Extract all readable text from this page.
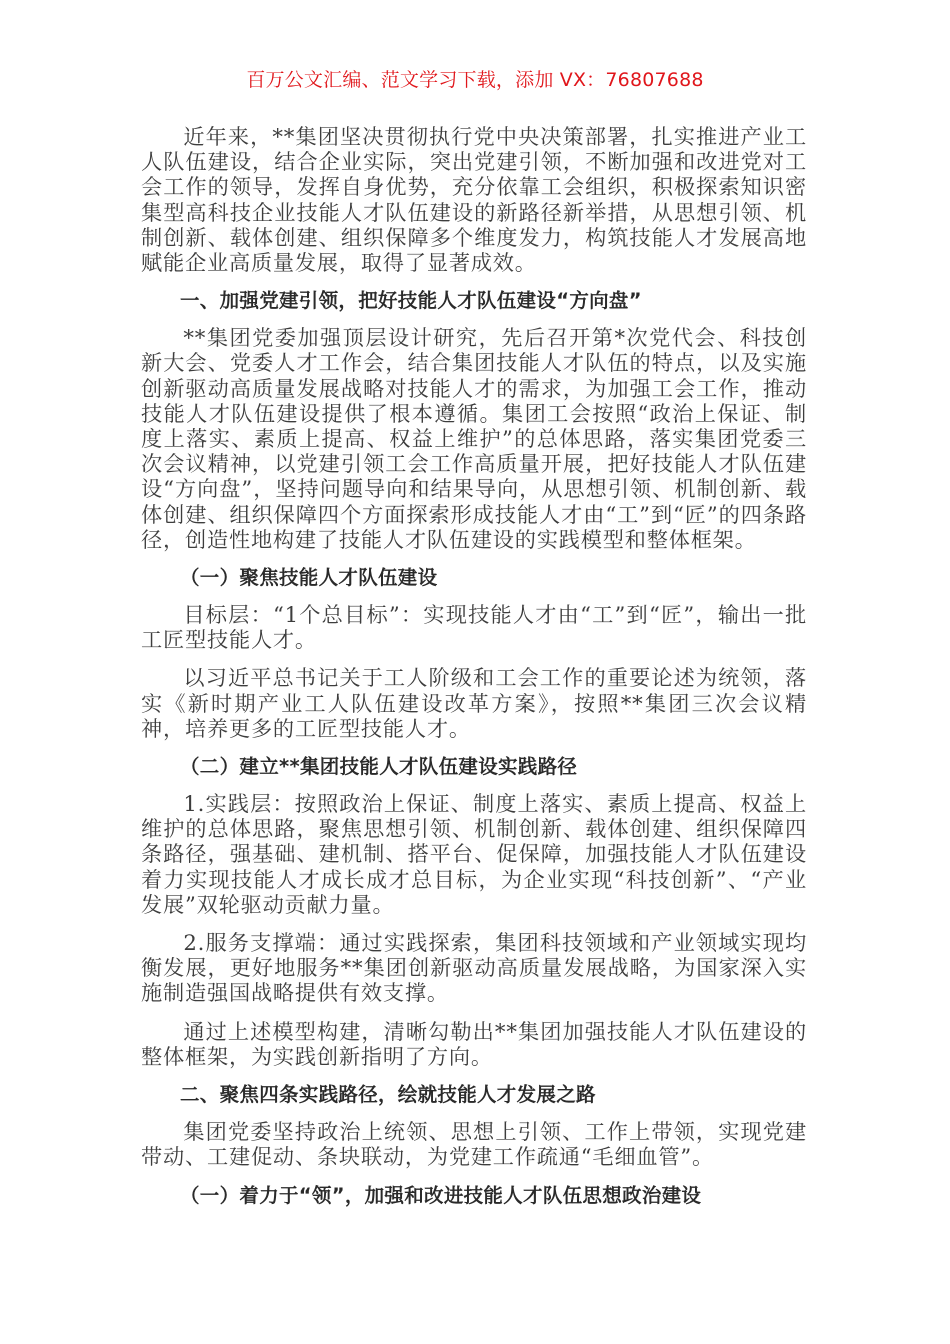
百万公文汇编、范文学习下载，添加 VX：76807688

近年来，**集团坚决贯彻执行党中央决策部署，扎实推进产业工人队伍建设，结合企业实际，突出党建引领，不断加强和改进党对工会工作的领导，发挥自身优势，充分依靠工会组织，积极探索知识密集型高科技企业技能人才队伍建设的新路径新举措，从思想引领、机制创新、载体创建、组织保障多个维度发力，构筑技能人才发展高地赋能企业高质量发展，取得了显著成效。

一、加强党建引领，把好技能人才队伍建设“方向盘”

**集团党委加强顶层设计研究，先后召开第*次党代会、科技创新大会、党委人才工作会，结合集团技能人才队伍的特点，以及实施创新驱动高质量发展战略对技能人才的需求，为加强工会工作，推动技能人才队伍建设提供了根本遵循。集团工会按照“政治上保证、制度上落实、素质上提高、权益上维护”的总体思路，落实集团党委三次会议精神，以党建引领工会工作高质量开展，把好技能人才队伍建设“方向盘”，坚持问题导向和结果导向，从思想引领、机制创新、载体创建、组织保障四个方面探索形成技能人才由“工”到“匠”的四条路径，创造性地构建了技能人才队伍建设的实践模型和整体框架。

（一）聚焦技能人才队伍建设

目标层：“1个总目标”：实现技能人才由“工”到“匠”，输出一批工匠型技能人才。

以习近平总书记关于工人阶级和工会工作的重要论述为统领，落实《新时期产业工人队伍建设改革方案》，按照**集团三次会议精神，培养更多的工匠型技能人才。

（二）建立**集团技能人才队伍建设实践路径

1.实践层：按照政治上保证、制度上落实、素质上提高、权益上维护的总体思路，聚焦思想引领、机制创新、载体创建、组织保障四条路径，强基础、建机制、搭平台、促保障，加强技能人才队伍建设着力实现技能人才成长成才总目标，为企业实现“科技创新”、“产业发展”双轮驱动贡献力量。

2.服务支撑端：通过实践探索，集团科技领域和产业领域实现均衡发展，更好地服务**集团创新驱动高质量发展战略，为国家深入实施制造强国战略提供有效支撑。

通过上述模型构建，清晰勾勒出**集团加强技能人才队伍建设的整体框架，为实践创新指明了方向。

二、聚焦四条实践路径，绘就技能人才发展之路

集团党委坚持政治上统领、思想上引领、工作上带领，实现党建带动、工建促动、条块联动，为党建工作疏通“毛细血管”。

（一）着力于“领”，加强和改进技能人才队伍思想政治建设
